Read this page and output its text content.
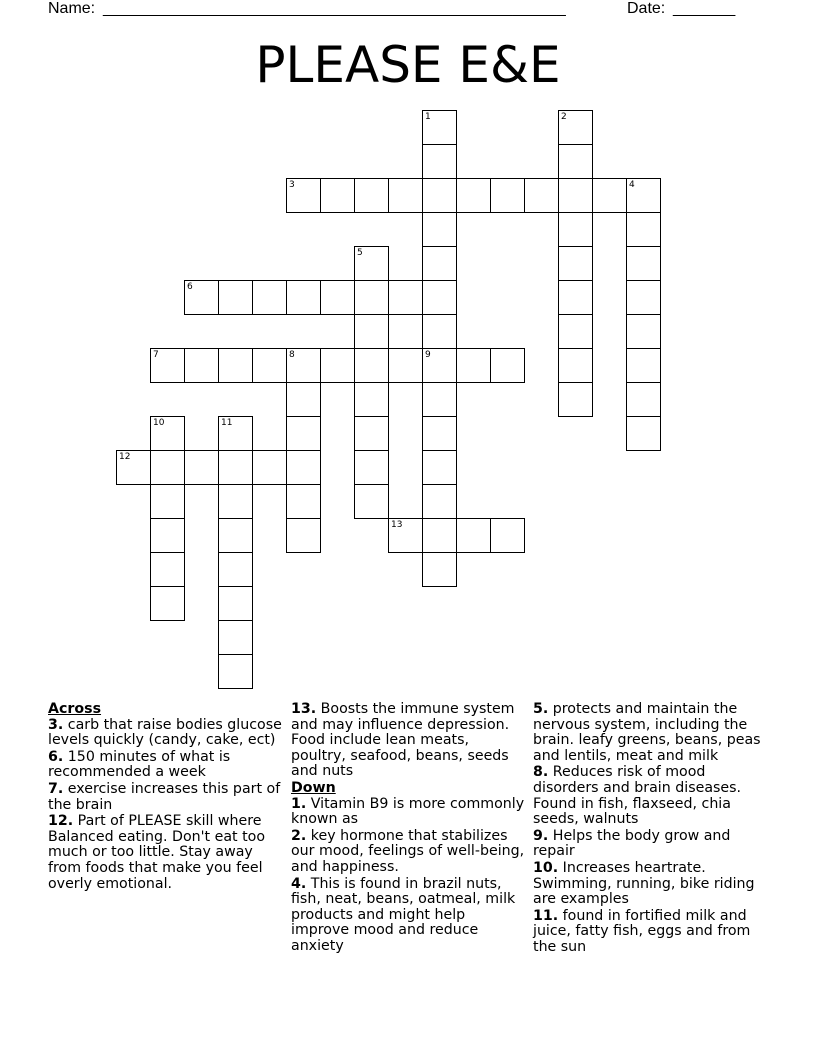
Name: ____________________________________________________	Date: _______
PLEASE E&E
3	4
6
7	8	9
12
13
1	2
5
10	11
Across
3. carb that raise bodies glucose levels quickly (candy, cake, ect)
6. 150 minutes of what is recommended a week
7. exercise increases this part of the brain
12. Part of PLEASE skill where Balanced eating. Don't eat too much or too little. Stay away from foods that make you feel overly emotional.
13. Boosts the immune system and may influence depression. Food include lean meats, poultry, seafood, beans, seeds and nuts
Down
1. Vitamin B9 is more commonly known as
2. key hormone that stabilizes our mood, feelings of well-being, and happiness.
4. This is found in brazil nuts, fish, neat, beans, oatmeal, milk products and might help improve mood and reduce anxiety
5. protects and maintain the nervous system, including the brain. leafy greens, beans, peas and lentils, meat and milk
8. Reduces risk of mood disorders and brain diseases. Found in fish, flaxseed, chia seeds, walnuts
9. Helps the body grow and repair
10. Increases heartrate. Swimming, running, bike riding are examples
11. found in fortified milk and juice, fatty fish, eggs and from the sun
